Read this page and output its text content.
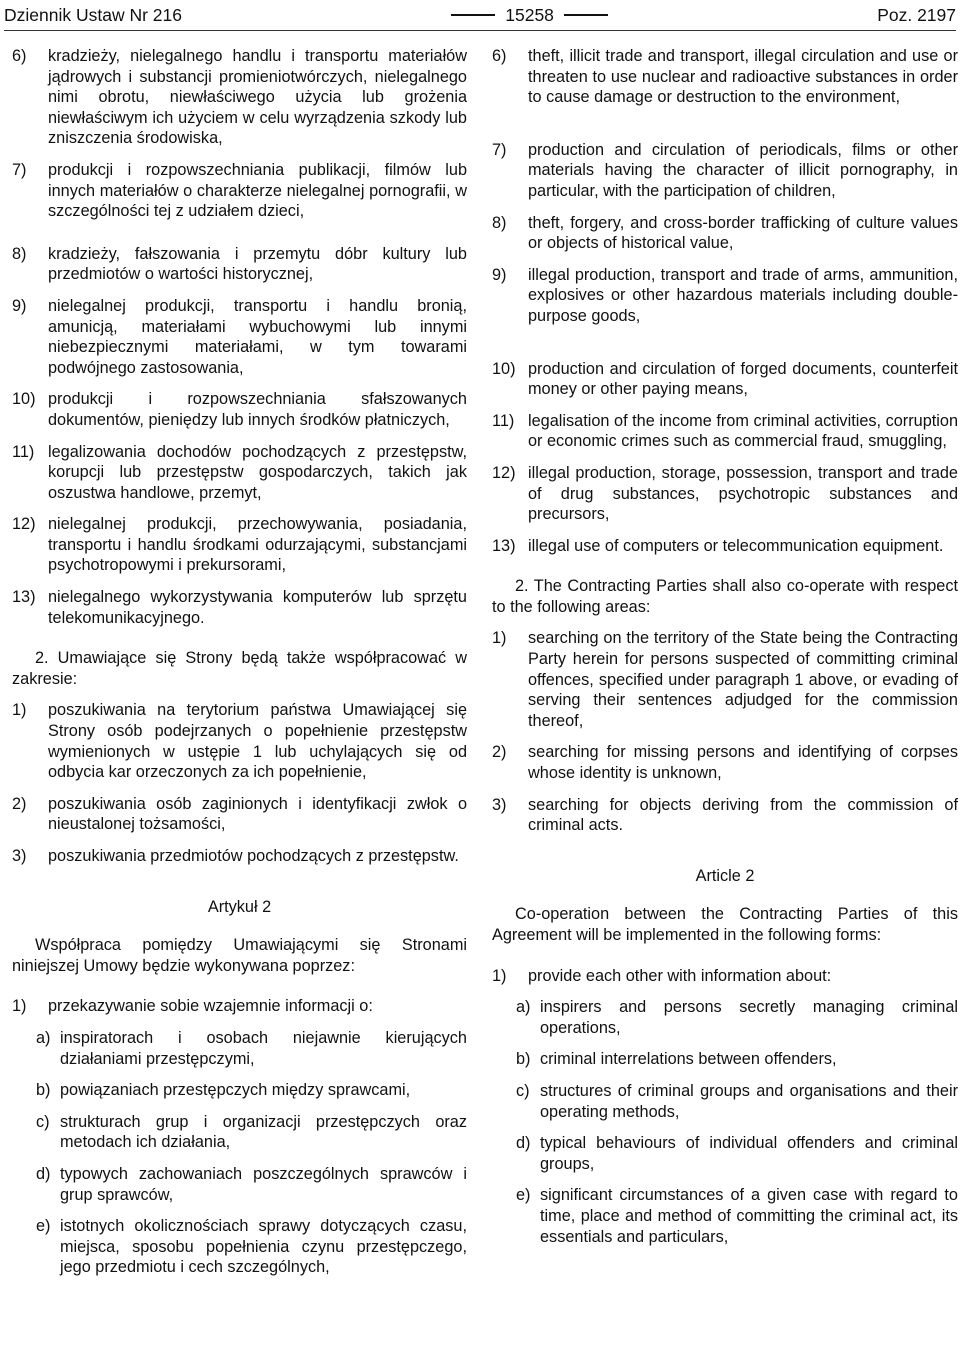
Dziennik Ustaw Nr 216	15258	Poz. 2197
6)	kradzieży, nielegalnego handlu i transportu materiałów jądrowych i substancji promieniotwórczych, nielegalnego nimi obrotu, niewłaściwego użycia lub grożenia niewłaściwym ich użyciem w celu wyrządzenia szkody lub zniszczenia środowiska,
7)	produkcji i rozpowszechniania publikacji, filmów lub innych materiałów o charakterze nielegalnej pornografii, w szczególności tej z udziałem dzieci,
8)	kradzieży, fałszowania i przemytu dóbr kultury lub przedmiotów o wartości historycznej,
9)	nielegalnej produkcji, transportu i handlu bronią, amunicją, materiałami wybuchowymi lub innymi niebezpiecznymi materiałami, w tym towarami podwójnego zastosowania,
10) produkcji i rozpowszechniania sfałszowanych dokumentów, pieniędzy lub innych środków płatniczych,
11) legalizowania dochodów pochodzących z przestępstw, korupcji lub przestępstw gospodarczych, takich jak oszustwa handlowe, przemyt,
12) nielegalnej produkcji, przechowywania, posiadania, transportu i handlu środkami odurzającymi, substancjami psychotropowymi i prekursorami,
13) nielegalnego wykorzystywania komputerów lub sprzętu telekomunikacyjnego.
2. Umawiające się Strony będą także współpracować w zakresie:
1)	poszukiwania na terytorium państwa Umawiającej się Strony osób podejrzanych o popełnienie przestępstw wymienionych w ustępie 1 lub uchylających się od odbycia kar orzeczonych za ich popełnienie,
2)	poszukiwania osób zaginionych i identyfikacji zwłok o nieustalonej tożsamości,
3)	poszukiwania przedmiotów pochodzących z przestępstw.
Artykuł 2
Współpraca pomiędzy Umawiającymi się Stronami niniejszej Umowy będzie wykonywana poprzez:
1)	przekazywanie sobie wzajemnie informacji o:
a) inspiratorach i osobach niejawnie kierujących działaniami przestępczymi,
b) powiązaniach przestępczych między sprawcami,
c) strukturach grup i organizacji przestępczych oraz metodach ich działania,
d) typowych zachowaniach poszczególnych sprawców i grup sprawców,
e) istotnych okolicznościach sprawy dotyczących czasu, miejsca, sposobu popełnienia czynu przestępczego, jego przedmiotu i cech szczególnych,
6)	theft, illicit trade and transport, illegal circulation and use or threaten to use nuclear and radioactive substances in order to cause damage or destruction to the environment,
7)	production and circulation of periodicals, films or other materials having the character of illicit pornography, in particular, with the participation of children,
8)	theft, forgery, and cross-border trafficking of culture values or objects of historical value,
9)	illegal production, transport and trade of arms, ammunition, explosives or other hazardous materials including double-purpose goods,
10) production and circulation of forged documents, counterfeit money or other paying means,
11) legalisation of the income from criminal activities, corruption or economic crimes such as commercial fraud, smuggling,
12) illegal production, storage, possession, transport and trade of drug substances, psychotropic substances and precursors,
13) illegal use of computers or telecommunication equipment.
2. The Contracting Parties shall also co-operate with respect to the following areas:
1)	searching on the territory of the State being the Contracting Party herein for persons suspected of committing criminal offences, specified under paragraph 1 above, or evading of serving their sentences adjudged for the commission thereof,
2)	searching for missing persons and identifying of corpses whose identity is unknown,
3)	searching for objects deriving from the commission of criminal acts.
Article 2
Co-operation between the Contracting Parties of this Agreement will be implemented in the following forms:
1)	provide each other with information about:
a) inspirers and persons secretly managing criminal operations,
b) criminal interrelations between offenders,
c) structures of criminal groups and organisations and their operating methods,
d) typical behaviours of individual offenders and criminal groups,
e) significant circumstances of a given case with regard to time, place and method of committing the criminal act, its essentials and particulars,
